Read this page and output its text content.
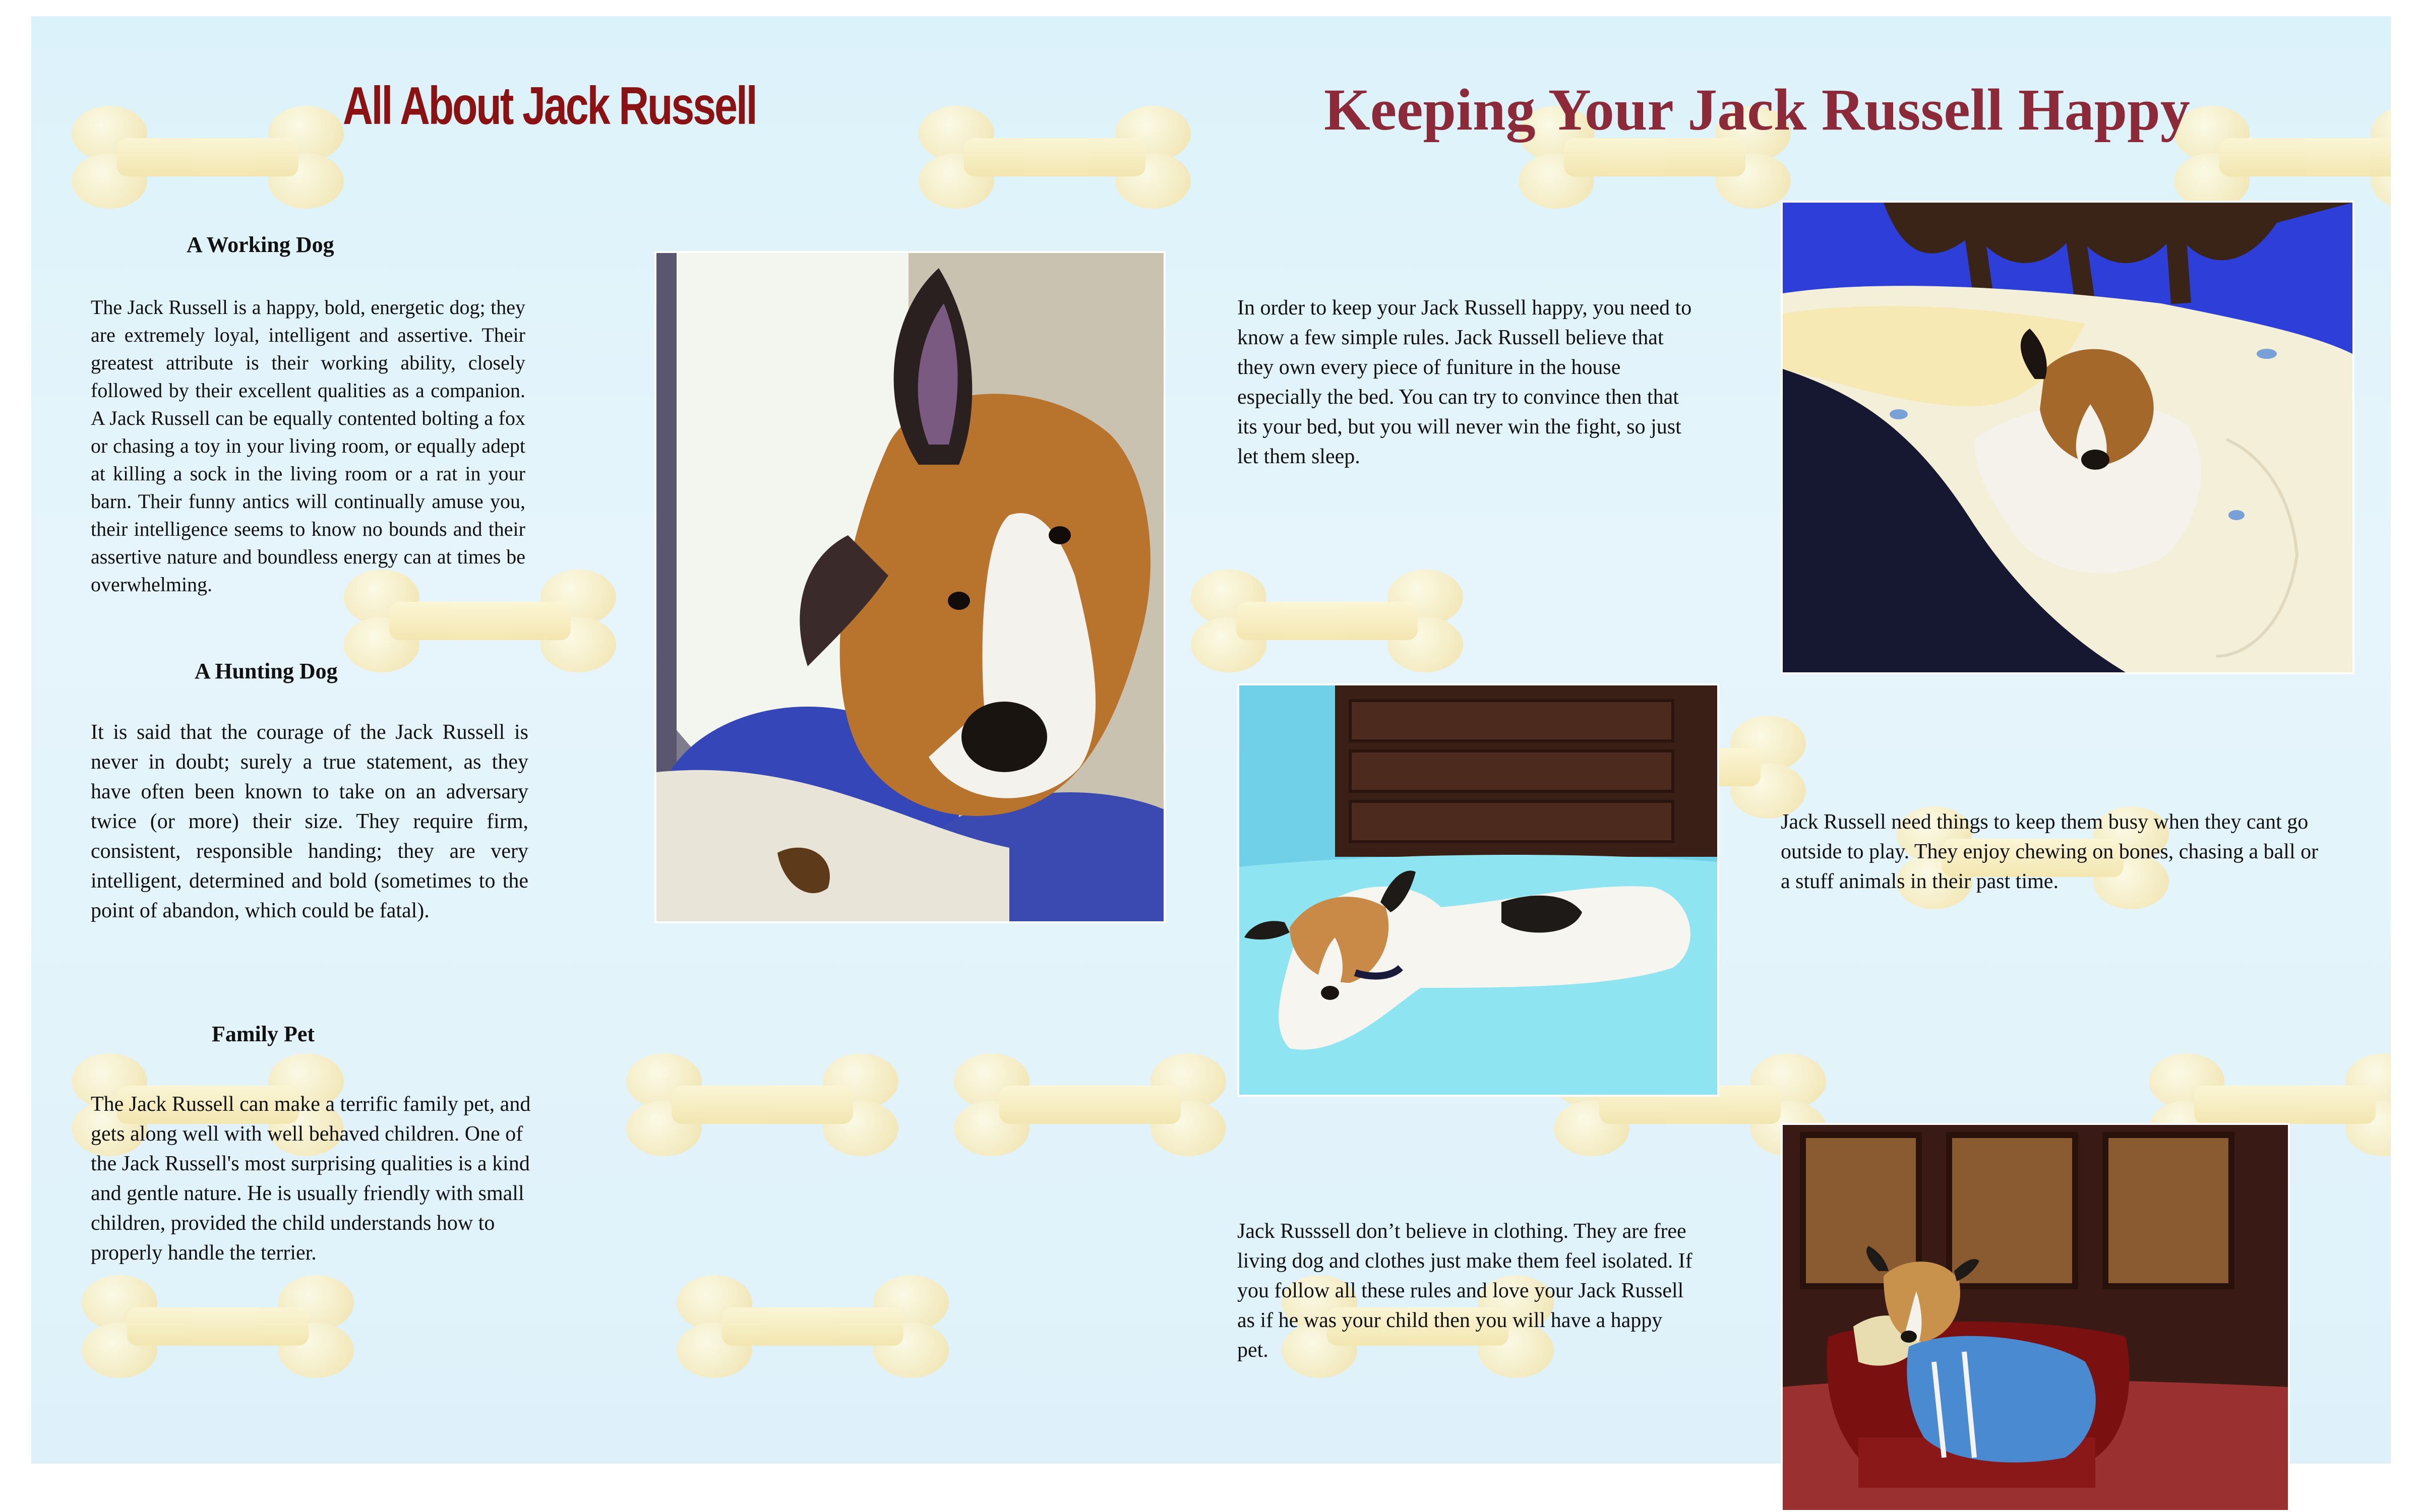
All About Jack Russell
A Working Dog
The Jack Russell is a happy, bold, energetic dog; they are extremely loyal, intelligent and assertive. Their greatest attribute is their working ability, closely followed by their excellent qualities as a companion. A Jack Russell can be equally contented bolting a fox or chasing a toy in your living room, or equally adept at killing a sock in the living room or a rat in your barn. Their funny antics will continually amuse you, their intelligence seems to know no bounds and their assertive nature and boundless energy can at times be overwhelming.
A Hunting Dog
It is said that the courage of the Jack Russell is never in doubt; surely a true statement, as they have often been known to take on an adversary twice (or more) their size. They require firm, consistent, responsible handing; they are very intelligent, determined and bold (sometimes to the point of abandon, which could be fatal).
Family Pet
The Jack Russell can make a terrific family pet, and gets along well with well behaved children. One of the Jack Russell's most surprising qualities is a kind and gentle nature. He is usually friendly with small children, provided the child understands how to properly handle the terrier.
Keeping Your Jack Russell Happy
In order to keep your Jack Russell happy, you need to know a few simple rules. Jack Russell believe that they own every piece of funiture in the house especially the bed. You can try to convince then that its your bed, but you will never win the fight, so just let them sleep.
Jack Russell need things to keep them busy when they cant go outside to play. They enjoy chewing on bones, chasing a ball or a stuff animals in their past time.
Jack Russsell don’t believe in clothing. They are free living dog and clothes just make them feel isolated. If you follow all these rules and love your Jack Russell as if he was your child then you will have a happy pet.
